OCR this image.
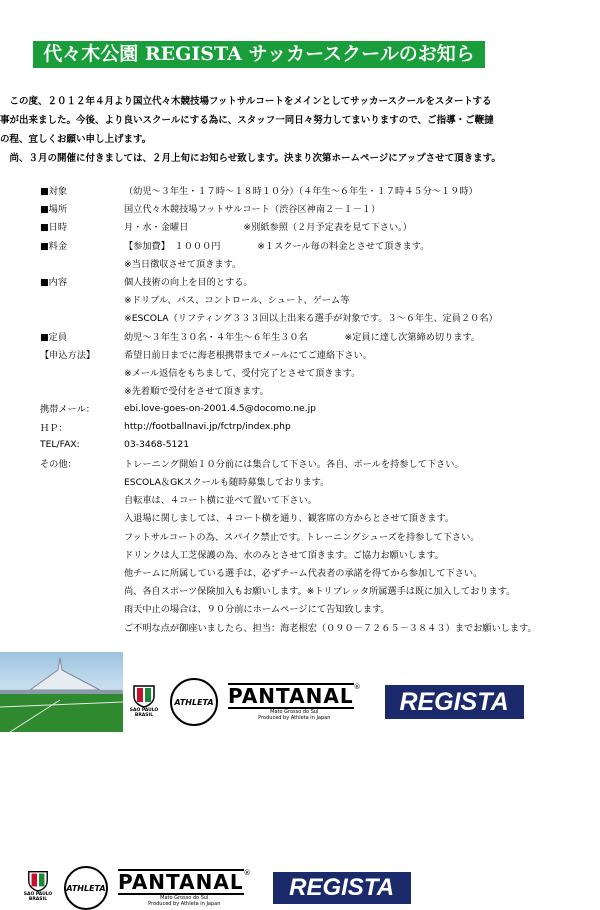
代々木公園 REGISTA サッカースクールのお知らせ！

　この度、２０１２年４月より国立代々木競技場フットサルコートをメインとしてサッカースクールをスタートする

事が出来ました。今後、より良いスクールにする為に、スタッフ一同日々努力してまいりますので、ご指導・ご鞭撻

の程、宜しくお願い申し上げます。

　尚、３月の開催に付きましては、２月上旬にお知らせ致します。決まり次第ホームページにアップさせて頂きます。

■対象	（幼児～３年生・１７時～１８時１０分）（４年生～６年生・１７時４５分～１９時）
■場所	国立代々木競技場フットサルコート（渋谷区神南２－１－１）
■日時	月・水・金曜日　　　　　　※別紙参照（２月予定表を見て下さい。）
■料金	【参加費】　１０００円　　　　※１スクール毎の料金とさせて頂きます。
※当日徴収させて頂きます。
■内容	個人技術の向上を目的とする。
※ドリブル、パス、コントロール、シュート、ゲーム等
※ESCOLA（リフティング３３３回以上出来る選手が対象です。３～６年生、定員２０名）
■定員	幼児～３年生３０名・４年生～６年生３０名　　　　※定員に達し次第締め切ります。
【申込方法】	希望日前日までに海老根携帯までメールにてご連絡下さい。
※メール返信をもちまして、受付完了とさせて頂きます。
※先着順で受付をさせて頂きます。
携帯メール：	ebi.love-goes-on-2001.4.5@docomo.ne.jp
ＨＰ：	http://footballnavi.jp/fctrp/index.php
TEL/FAX:	03-3468-5121
その他：	トレーニング開始１０分前には集合して下さい。各自、ボールを持参して下さい。
ESCOLA＆GKスクールも随時募集しております。
自転車は、４コート横に並べて置いて下さい。
入退場に関しましては、４コート横を通り、観客席の方からとさせて頂きます。
フットサルコートの為、スパイク禁止です。トレーニングシューズを持参して下さい。
ドリンクは人工芝保護の為、水のみとさせて頂きます。ご協力お願いします。
他チームに所属している選手は、必ずチーム代表者の承諾を得てから参加して下さい。
尚、各自スポーツ保険加入もお願いします。※トリプレッタ所属選手は既に加入しております。
雨天中止の場合は、９０分前にホームページにて告知致します。
ご不明な点が御座いましたら、担当：海老根宏（０９０－７２６５－３８４３）までお願いします。
SAO PAULO
BRASIL
ATHLETA PANTANAL ®
Mato Grosso do Sul
Produced by Athleta in Japan
REGISTA
SAO PAULO
BRASIL
ATHLETA PANTANAL ®
Mato Grosso do Sul
Produced by Athleta in Japan
REGISTA
